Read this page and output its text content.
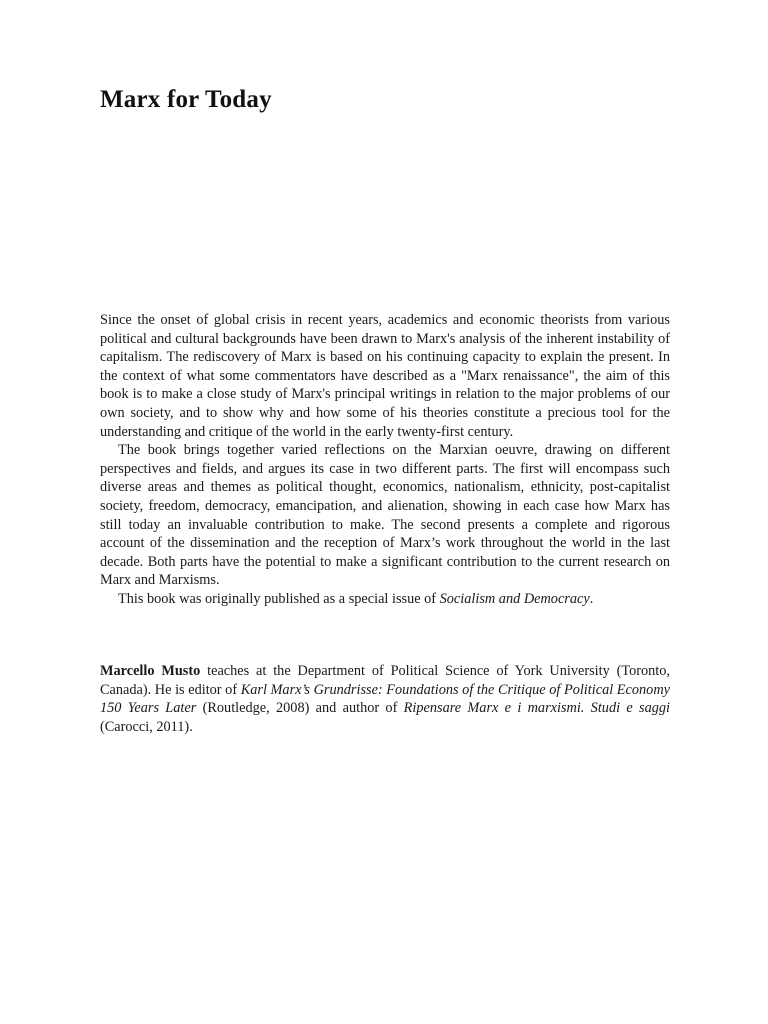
Marx for Today

Since the onset of global crisis in recent years, academics and economic theorists from various political and cultural backgrounds have been drawn to Marx's analysis of the inherent instability of capitalism. The rediscovery of Marx is based on his continuing capacity to explain the present. In the context of what some commentators have described as a "Marx renaissance", the aim of this book is to make a close study of Marx's principal writings in relation to the major problems of our own society, and to show why and how some of his theories constitute a precious tool for the understanding and critique of the world in the early twenty-first century.

The book brings together varied reflections on the Marxian oeuvre, drawing on different perspectives and fields, and argues its case in two different parts. The first will encompass such diverse areas and themes as political thought, economics, nationalism, ethnicity, post-capitalist society, freedom, democracy, emancipation, and alienation, showing in each case how Marx has still today an invaluable contribution to make. The second presents a complete and rigorous account of the dissemination and the reception of Marx’s work throughout the world in the last decade. Both parts have the potential to make a significant contribution to the current research on Marx and Marxisms.

This book was originally published as a special issue of Socialism and Democracy.

Marcello Musto teaches at the Department of Political Science of York University (Toronto, Canada). He is editor of Karl Marx’s Grundrisse: Foundations of the Critique of Political Economy 150 Years Later (Routledge, 2008) and author of Ripensare Marx e i marxismi. Studi e saggi (Carocci, 2011).
